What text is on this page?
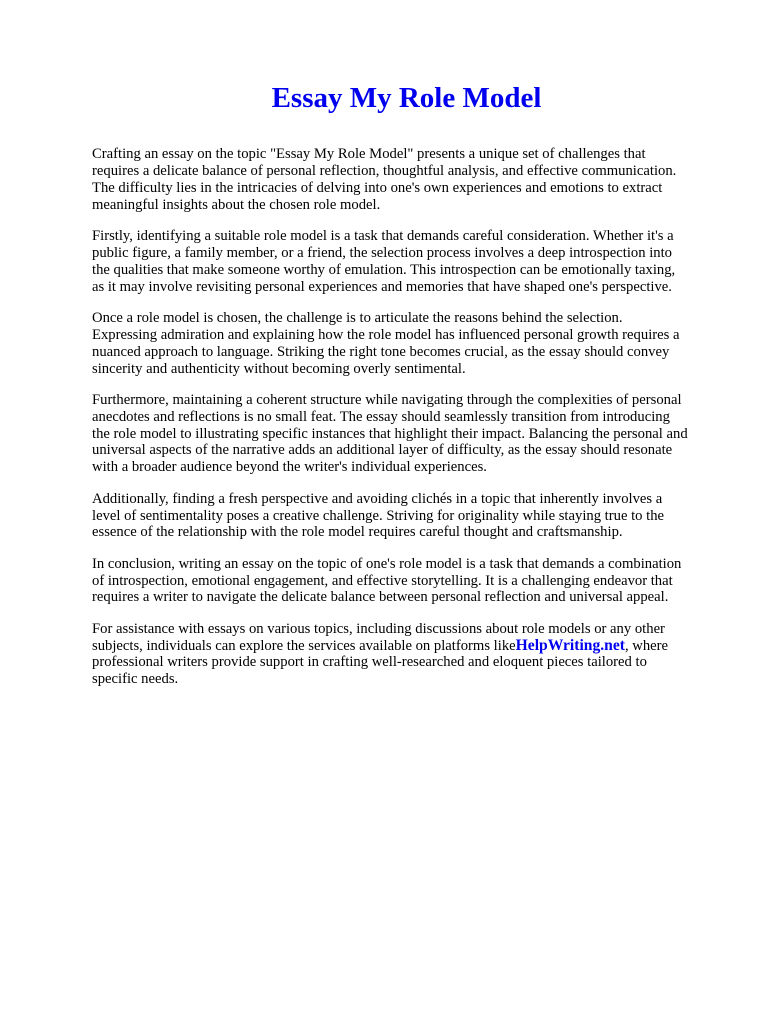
Essay My Role Model

Crafting an essay on the topic "Essay My Role Model" presents a unique set of challenges that
requires a delicate balance of personal reflection, thoughtful analysis, and effective communication.
The difficulty lies in the intricacies of delving into one's own experiences and emotions to extract
meaningful insights about the chosen role model.

Firstly, identifying a suitable role model is a task that demands careful consideration. Whether it's a
public figure, a family member, or a friend, the selection process involves a deep introspection into
the qualities that make someone worthy of emulation. This introspection can be emotionally taxing,
as it may involve revisiting personal experiences and memories that have shaped one's perspective.

Once a role model is chosen, the challenge is to articulate the reasons behind the selection.
Expressing admiration and explaining how the role model has influenced personal growth requires a
nuanced approach to language. Striking the right tone becomes crucial, as the essay should convey
sincerity and authenticity without becoming overly sentimental.

Furthermore, maintaining a coherent structure while navigating through the complexities of personal
anecdotes and reflections is no small feat. The essay should seamlessly transition from introducing
the role model to illustrating specific instances that highlight their impact. Balancing the personal and
universal aspects of the narrative adds an additional layer of difficulty, as the essay should resonate
with a broader audience beyond the writer's individual experiences.

Additionally, finding a fresh perspective and avoiding clichés in a topic that inherently involves a
level of sentimentality poses a creative challenge. Striving for originality while staying true to the
essence of the relationship with the role model requires careful thought and craftsmanship.

In conclusion, writing an essay on the topic of one's role model is a task that demands a combination
of introspection, emotional engagement, and effective storytelling. It is a challenging endeavor that
requires a writer to navigate the delicate balance between personal reflection and universal appeal.

For assistance with essays on various topics, including discussions about role models or any other
subjects, individuals can explore the services available on platforms likeHelpWriting.net, where
professional writers provide support in crafting well-researched and eloquent pieces tailored to
specific needs.
